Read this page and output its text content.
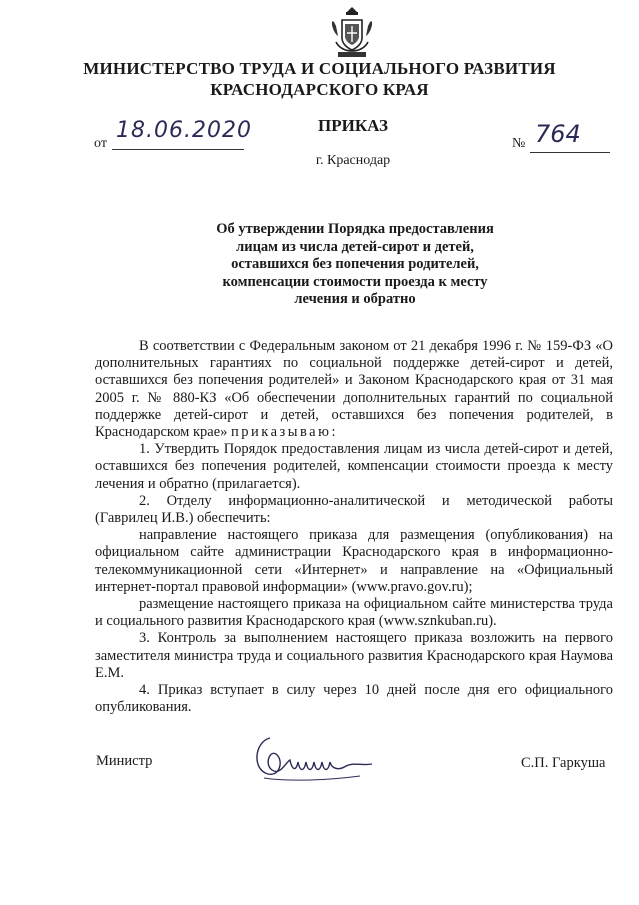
МИНИСТЕРСТВО ТРУДА И СОЦИАЛЬНОГО РАЗВИТИЯ
КРАСНОДАРСКОГО КРАЯ
ПРИКАЗ
от
18.06.2020
№ 764
г. Краснодар
Об утверждении Порядка предоставления
лицам из числа детей-сирот и детей,
оставшихся без попечения родителей,
компенсации стоимости проезда к месту
лечения и обратно

В соответствии с Федеральным законом от 21 декабря 1996 г. № 159-ФЗ «О дополнительных гарантиях по социальной поддержке детей-сирот и детей, оставшихся без попечения родителей» и Законом Краснодарского края от 31 мая 2005 г. № 880-КЗ «Об обеспечении дополнительных гарантий по социальной поддержке детей-сирот и детей, оставшихся без попечения родителей, в Краснодарском крае» приказываю:

1. Утвердить Порядок предоставления лицам из числа детей-сирот и детей, оставшихся без попечения родителей, компенсации стоимости проезда к месту лечения и обратно (прилагается).

2. Отделу информационно-аналитической и методической работы (Гаврилец И.В.) обеспечить:

направление настоящего приказа для размещения (опубликования) на официальном сайте администрации Краснодарского края в информационно-телекоммуникационной сети «Интернет» и направление на «Официальный интернет-портал правовой информации» (www.pravo.gov.ru);

размещение настоящего приказа на официальном сайте министерства труда и социального развития Краснодарского края (www.sznkuban.ru).

3. Контроль за выполнением настоящего приказа возложить на первого заместителя министра труда и социального развития Краснодарского края Наумова Е.М.

4. Приказ вступает в силу через 10 дней после дня его официального опубликования.

Министр	С.П. Гаркуша
